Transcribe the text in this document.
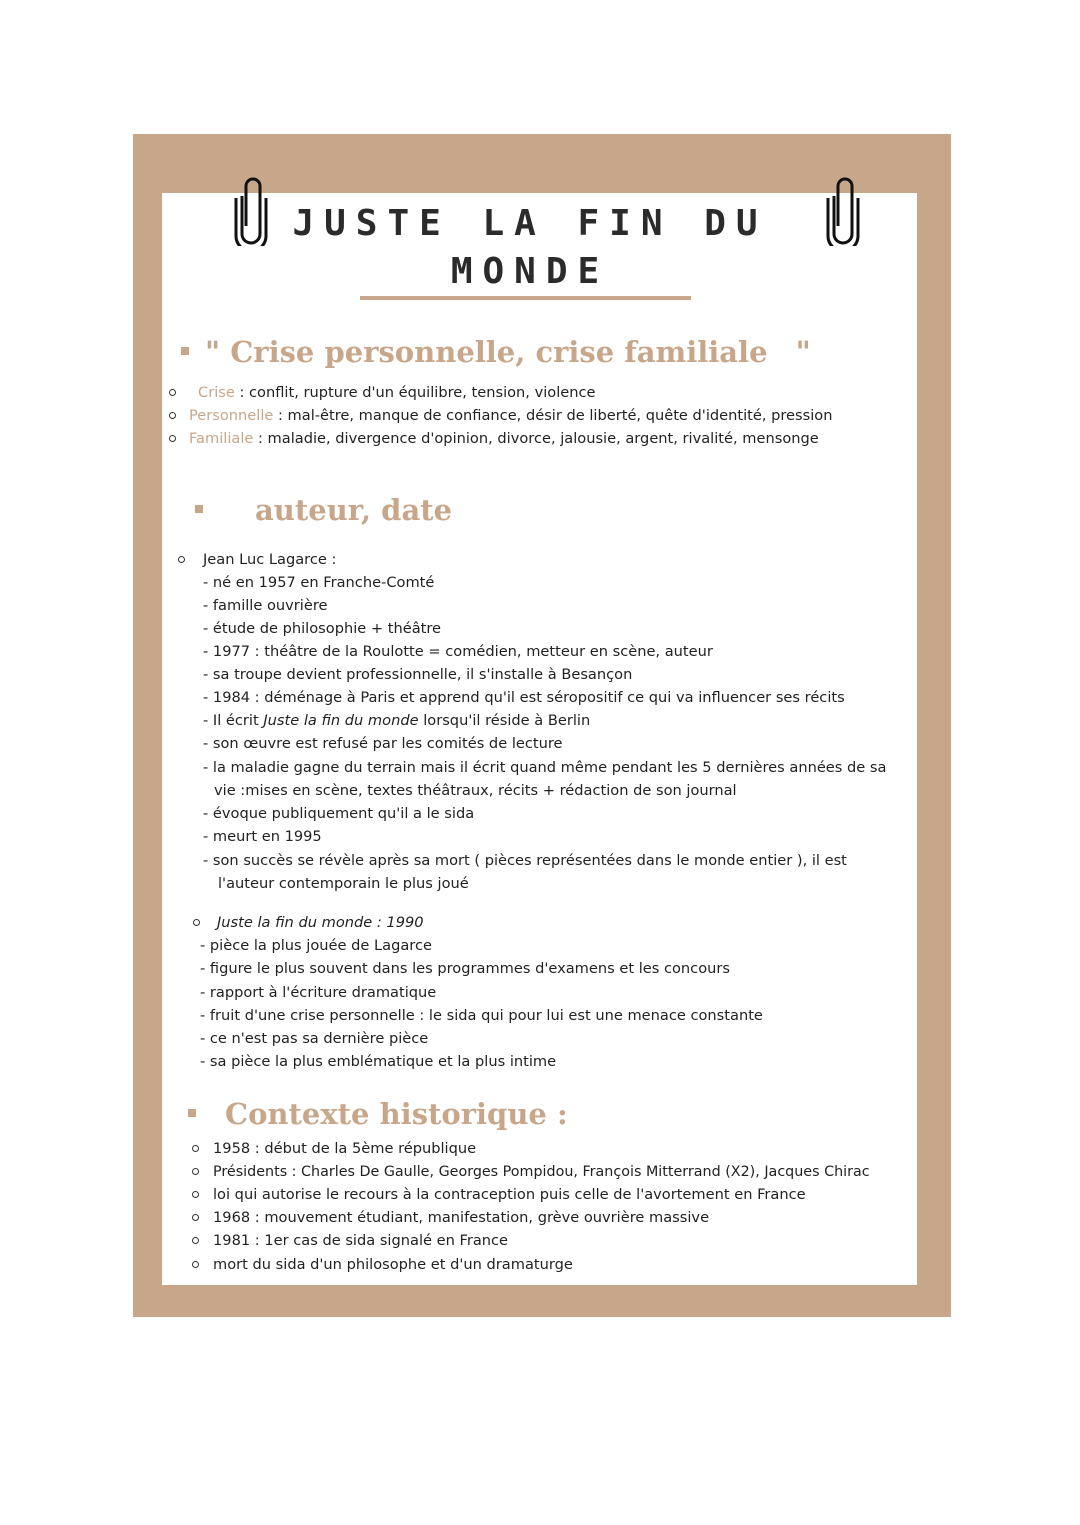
JUSTE LA FIN DU
MONDE
" Crise personnelle, crise familiale "
Crise : conflit, rupture d'un équilibre, tension, violence
Personnelle : mal-être, manque de confiance, désir de liberté, quête d'identité, pression
Familiale : maladie, divergence d'opinion, divorce, jalousie, argent, rivalité, mensonge
auteur, date
Jean Luc Lagarce :
- né en 1957 en Franche-Comté
- famille ouvrière
- étude de philosophie + théâtre
- 1977 : théâtre de la Roulotte = comédien, metteur en scène, auteur
- sa troupe devient professionnelle, il s'installe à Besançon
- 1984 : déménage à Paris et apprend qu'il est séropositif ce qui va influencer ses récits
- Il écrit Juste la fin du monde lorsqu'il réside à Berlin
- son œuvre est refusé par les comités de lecture
- la maladie gagne du terrain mais il écrit quand même pendant les 5 dernières années de sa
vie :mises en scène, textes théâtraux, récits + rédaction de son journal
- évoque publiquement qu'il a le sida
- meurt en 1995
- son succès se révèle après sa mort ( pièces représentées dans le monde entier ), il est
l'auteur contemporain le plus joué
Juste la fin du monde : 1990
- pièce la plus jouée de Lagarce
- figure le plus souvent dans les programmes d'examens et les concours
- rapport à l'écriture dramatique
- fruit d'une crise personnelle : le sida qui pour lui est une menace constante
- ce n'est pas sa dernière pièce
- sa pièce la plus emblématique et la plus intime
Contexte historique :
1958 : début de la 5ème république
Présidents : Charles De Gaulle, Georges Pompidou, François Mitterrand (X2), Jacques Chirac
loi qui autorise le recours à la contraception puis celle de l'avortement en France
1968 : mouvement étudiant, manifestation, grève ouvrière massive
1981 : 1er cas de sida signalé en France
mort du sida d'un philosophe et d'un dramaturge
